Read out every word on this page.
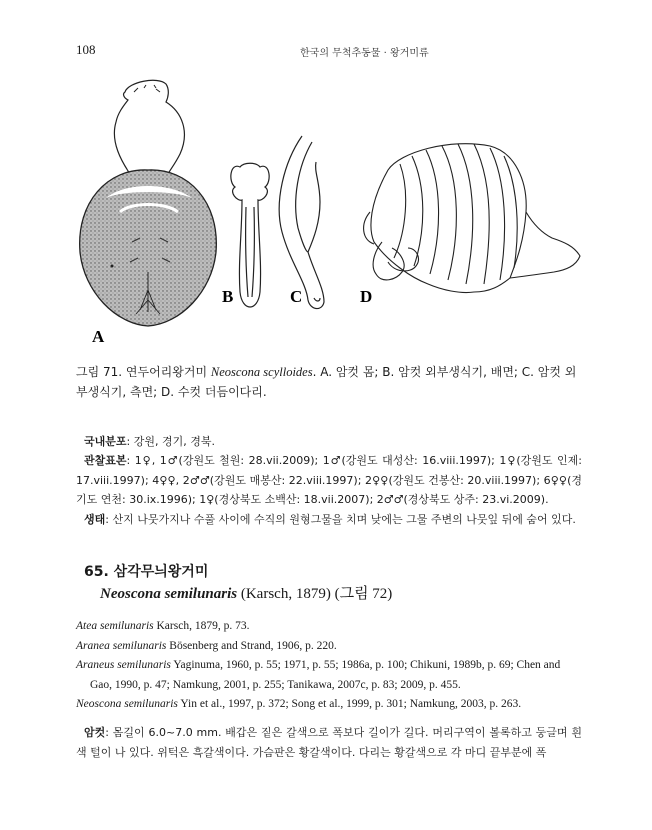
108	한국의 무척추동물 · 왕거미류
A
B	C	D
그림 71. 연두어리왕거미 Neoscona scylloides. A. 암컷 몸; B. 암컷 외부생식기, 배면; C. 암컷 외부생식기, 측면; D. 수컷 더듬이다리.
국내분포: 강원, 경기, 경북.
관찰표본: 1♀, 1♂(강원도 철원: 28.vii.2009); 1♂(강원도 대성산: 16.viii.1997); 1♀(강원도 인제: 17.viii.1997); 4♀♀, 2♂♂(강원도 매봉산: 22.viii.1997); 2♀♀(강원도 건봉산: 20.viii.1997); 6♀♀(경기도 연천: 30.ix.1996); 1♀(경상북도 소백산: 18.vii.2007); 2♂♂(경상북도 상주: 23.vi.2009).
생태: 산지 나뭇가지나 수풀 사이에 수직의 원형그물을 치며 낮에는 그물 주변의 나뭇잎 뒤에 숨어 있다.
65. 삼각무늬왕거미
Neoscona semilunaris (Karsch, 1879) (그림 72)

Atea semilunaris Karsch, 1879, p. 73.

Aranea semilunaris Bösenberg and Strand, 1906, p. 220.

Araneus semilunaris Yaginuma, 1960, p. 55; 1971, p. 55; 1986a, p. 100; Chikuni, 1989b, p. 69; Chen and Gao, 1990, p. 47; Namkung, 2001, p. 255; Tanikawa, 2007c, p. 83; 2009, p. 455.

Neoscona semilunaris Yin et al., 1997, p. 372; Song et al., 1999, p. 301; Namkung, 2003, p. 263.

암컷: 몸길이 6.0~7.0 mm. 배갑은 짙은 갈색으로 폭보다 길이가 길다. 머리구역이 볼록하고 둥글며 흰색 털이 나 있다. 위턱은 흑갈색이다. 가슴판은 황갈색이다. 다리는 황갈색으로 각 마디 끝부분에 폭
